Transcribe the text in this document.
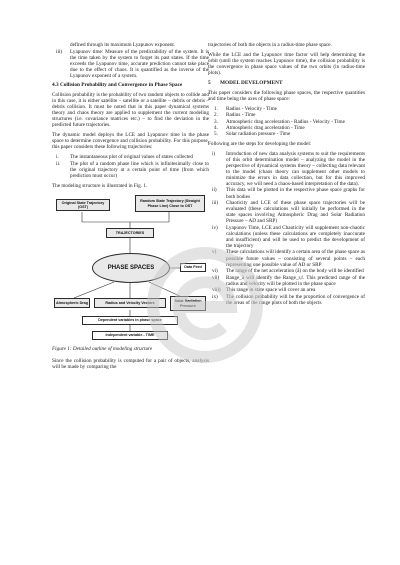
defined through its maximum Lyapunov exponent.
iii) Lyapunov time: Measure of the predictability of the system. It is the time taken by the system to forget its past states. If the time exceeds the Lyapunov time, accurate prediction cannot take place due to the effect of chaos. It is quantified as the inverse of the Lyapunov exponent of a system.
4.3 Collision Probability and Convergence in Phase Space

Collision probability is the probability of two random objects to collide and in this case, it is either satellite – satellite or a satellite – debris or debris – debris collision. It must be noted that in this paper dynamical systems theory and chaos theory are applied to supplement the current modeling structures (i.e. covariance matrices etc.) – to find the deviation in the predicted future trajectories.

The dynamic model deploys the LCE and Lyapunov time in the phase space to determine convergence and collision probability. For this purpose, this paper considers these following trajectories:

i. The instantaneous plot of original values of states collected
ii. The plot of a random phase line which is infinitesimally close to the original trajectory at a certain point of time (from which prediction must occur)

The modeling structure is illustrated in Fig. 1.

Original State Trajectory (OST)
Random State Trajectory (Straight Phase Line) Close to OST
TRAJECTORIES
PHASE SPACES	Data Feed
Atmospheric Drag	Radius and Velocity Vectors	Solar Radiation Pressure
Dependent variables in phase space
Independent variable - TIME

Figure 1: Detailed outline of modeling structure

Since the collision probability is computed for a pair of objects, analysis will be made by comparing the

trajectories of both the objects in a radius-time phase space.

While the LCE and the Lyapunov time factor will help determining the orbit (until the system reaches Lyapunov time), the collision probability is the convergence in phase space values of the two orbits (in radius-time plots).

5 MODEL DEVELOPMENT

This paper considers the following phase spaces, the respective quantities and time being the axes of phase space:

1. Radius - Velocity - Time
2. Radius - Time
3. Atmospheric drag acceleration - Radius - Velocity - Time
4. Atmospheric drag acceleration - Time
5. Solar radiation pressure - Time

Following are the steps for developing the model:

i) Introduction of new data analysis systems to suit the requirements of this orbit determination model – analyzing the model in the perspective of dynamical systems theory – collecting data relevant to the model (chaos theory can supplement other models to minimize the errors in data collection, but for this improved accuracy, we will need a chaos-based interpretation of the data).
ii) This data will be plotted in the respective phase space graphs for both bodies
iii) Chaoticity and LCE of these phase space trajectories will be evaluated (these calculations will initially be performed in the state spaces involving Atmospheric Drag and Solar Radiation Pressure – AD and SRP)
iv) Lyapunov Time, LCE and Chaoticity will supplement non-chaotic calculations (unless these calculations are completely inaccurate and insufficient) and will be used to predict the development of the trajectory
v) These calculations will identify a certain area of the phase space as possible future values – consisting of several points – each representing one possible value of AD or SRP
vi) The range of the net acceleration (â) on the body will be identified
vii) Range_ȧ will identify the Range_r,ṙ. This predicted range of the radius and velocity will be plotted in the phase space
viii) This range in state space will cover an area
ix) The collision probability will be the proportion of convergence of the areas of the range plots of both the objects
